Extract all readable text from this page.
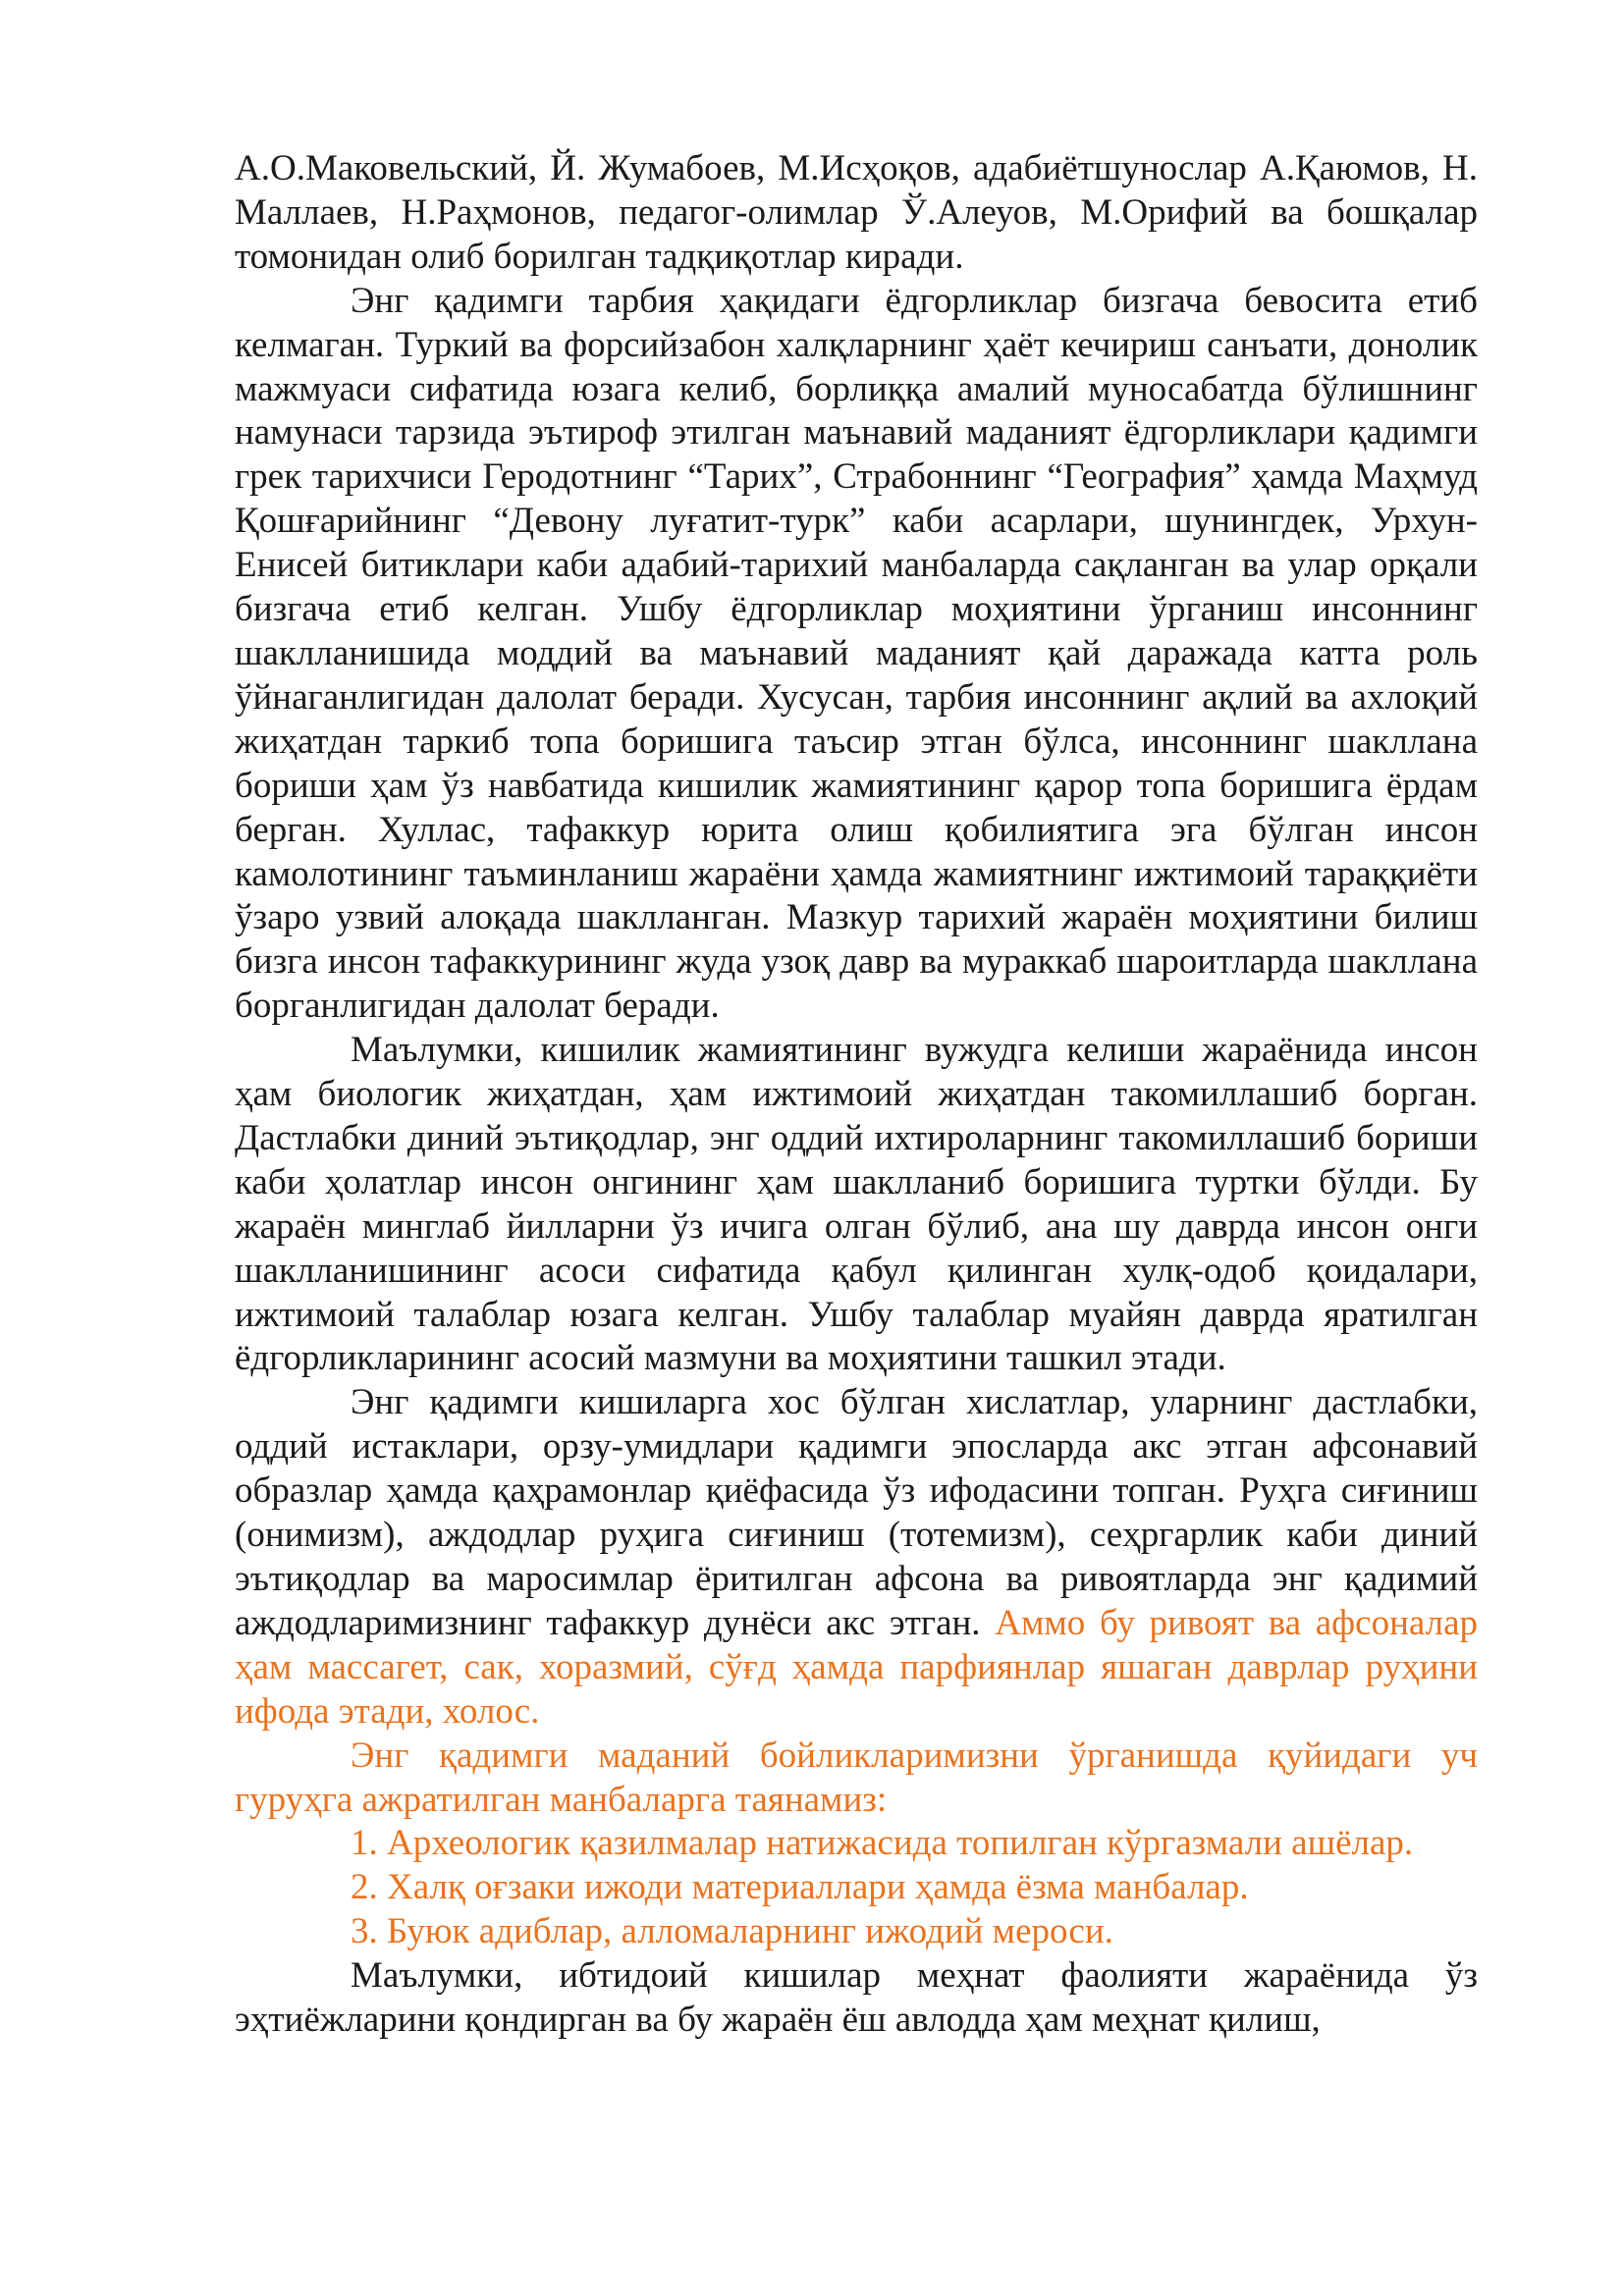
А.О.Маковельский, Й. Жумабоев, М.Исҳоқов, адабиётшунослар А.Қаюмов, Н. Маллаев, Н.Раҳмонов, педагог-олимлар Ў.Алеуов, М.Орифий ва бошқалар томонидан олиб борилган тадқиқотлар киради.

Энг қадимги тарбия ҳақидаги ёдгорликлар бизгача бевосита етиб келмаган. Туркий ва форсийзабон халқларнинг ҳаёт кечириш санъати, донолик мажмуаси сифатида юзага келиб, борлиққа амалий муносабатда бўлишнинг намунаси тарзида эътироф этилган маънавий маданият ёдгорликлари қадимги грек тарихчиси Геродотнинг “Тарих”, Страбоннинг “География” ҳамда Маҳмуд Қошғарийнинг “Девону луғатит-турк” каби асарлари, шунингдек, Урхун-Енисей битиклари каби адабий-тарихий манбаларда сақланган ва улар орқали бизгача етиб келган. Ушбу ёдгорликлар моҳиятини ўрганиш инсоннинг шаклланишида моддий ва маънавий маданият қай даражада катта роль ўйнаганлигидан далолат беради. Хусусан, тарбия инсоннинг ақлий ва ахлоқий жиҳатдан таркиб топа боришига таъсир этган бўлса, инсоннинг шакллана бориши ҳам ўз навбатида кишилик жамиятининг қарор топа боришига ёрдам берган. Хуллас, тафаккур юрита олиш қобилиятига эга бўлган инсон камолотининг таъминланиш жараёни ҳамда жамиятнинг ижтимоий тараққиёти ўзаро узвий алоқада шаклланган. Мазкур тарихий жараён моҳиятини билиш бизга инсон тафаккурининг жуда узоқ давр ва мураккаб шароитларда шакллана борганлигидан далолат беради.

Маълумки, кишилик жамиятининг вужудга келиши жараёнида инсон ҳам биологик жиҳатдан, ҳам ижтимоий жиҳатдан такомиллашиб борган. Дастлабки диний эътиқодлар, энг оддий ихтироларнинг такомиллашиб бориши каби ҳолатлар инсон онгининг ҳам шаклланиб боришига туртки бўлди. Бу жараён минглаб йилларни ўз ичига олган бўлиб, ана шу даврда инсон онги шаклланишининг асоси сифатида қабул қилинган хулқ-одоб қоидалари, ижтимоий талаблар юзага келган. Ушбу талаблар муайян даврда яратилган ёдгорликларининг асосий мазмуни ва моҳиятини ташкил этади.

Энг қадимги кишиларга хос бўлган хислатлар, уларнинг дастлабки, оддий истаклари, орзу-умидлари қадимги эпосларда акс этган афсонавий образлар ҳамда қаҳрамонлар қиёфасида ўз ифодасини топган. Руҳга сиғиниш (онимизм), аждодлар руҳига сиғиниш (тотемизм), сеҳргарлик каби диний эътиқодлар ва маросимлар ёритилган афсона ва ривоятларда энг қадимий аждодларимизнинг тафаккур дунёси акс этган. Аммо бу ривоят ва афсоналар ҳам массагет, сак, хоразмий, сўғд ҳамда парфиянлар яшаган даврлар руҳини ифода этади, холос.

Энг қадимги маданий бойликларимизни ўрганишда қуйидаги уч гуруҳга ажратилган манбаларга таянамиз:

1. Археологик қазилмалар натижасида топилган кўргазмали ашёлар.

2. Халқ оғзаки ижоди материаллари ҳамда ёзма манбалар.

3. Буюк адиблар, алломаларнинг ижодий мероси.

Маълумки, ибтидоий кишилар меҳнат фаолияти жараёнида ўз эҳтиёжларини қондирган ва бу жараён ёш авлодда ҳам меҳнат қилиш,
